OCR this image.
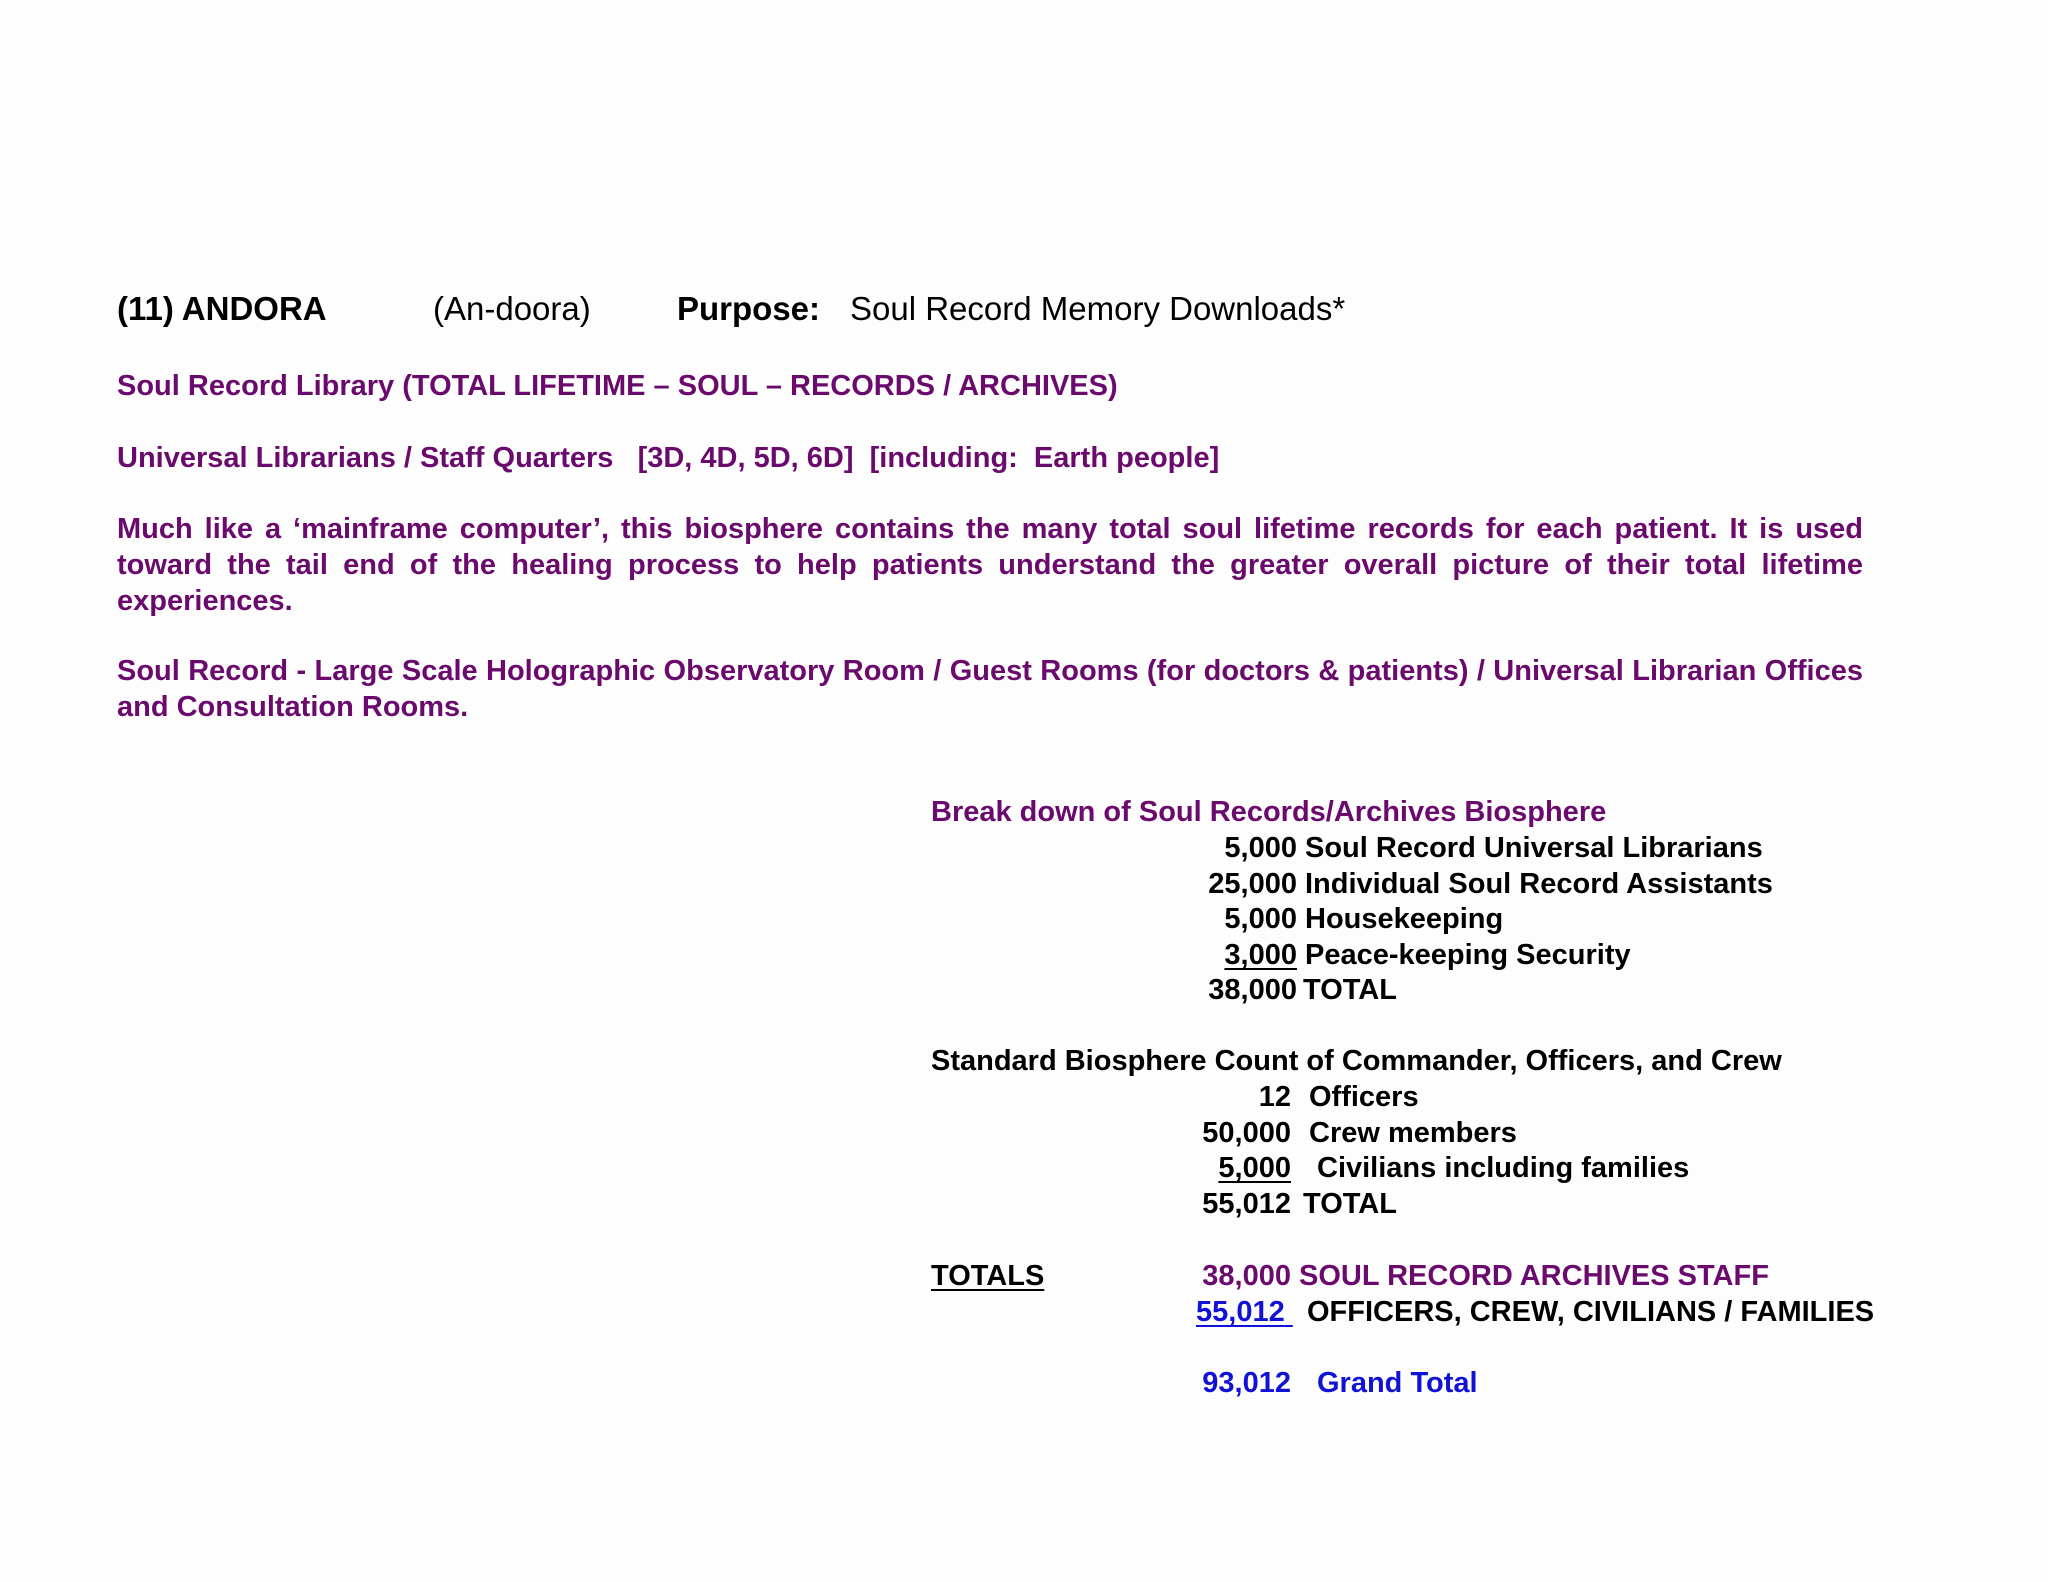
(11) ANDORA	(An-doora)	Purpose: Soul Record Memory Downloads*
Soul Record Library (TOTAL LIFETIME – SOUL – RECORDS / ARCHIVES)
Universal Librarians / Staff Quarters   [3D, 4D, 5D, 6D]  [including:  Earth people]
Much like a ‘mainframe computer’, this biosphere contains the many total soul lifetime records for each patient. It is used toward the tail end of the healing process to help patients understand the greater overall picture of their total lifetime experiences.
Soul Record - Large Scale Holographic Observatory Room / Guest Rooms (for doctors & patients) / Universal Librarian Offices and Consultation Rooms.
Break down of Soul Records/Archives Biosphere
5,000 Soul Record Universal Librarians
25,000 Individual Soul Record Assistants
5,000 Housekeeping
3,000 Peace-keeping Security
38,000 TOTAL
Standard Biosphere Count of Commander, Officers, and Crew
12 Officers
50,000 Crew members
5,000 Civilians including families
55,012 TOTAL
TOTALS	38,000 SOUL RECORD ARCHIVES STAFF
55,012 OFFICERS, CREW, CIVILIANS / FAMILIES
93,012 Grand Total
